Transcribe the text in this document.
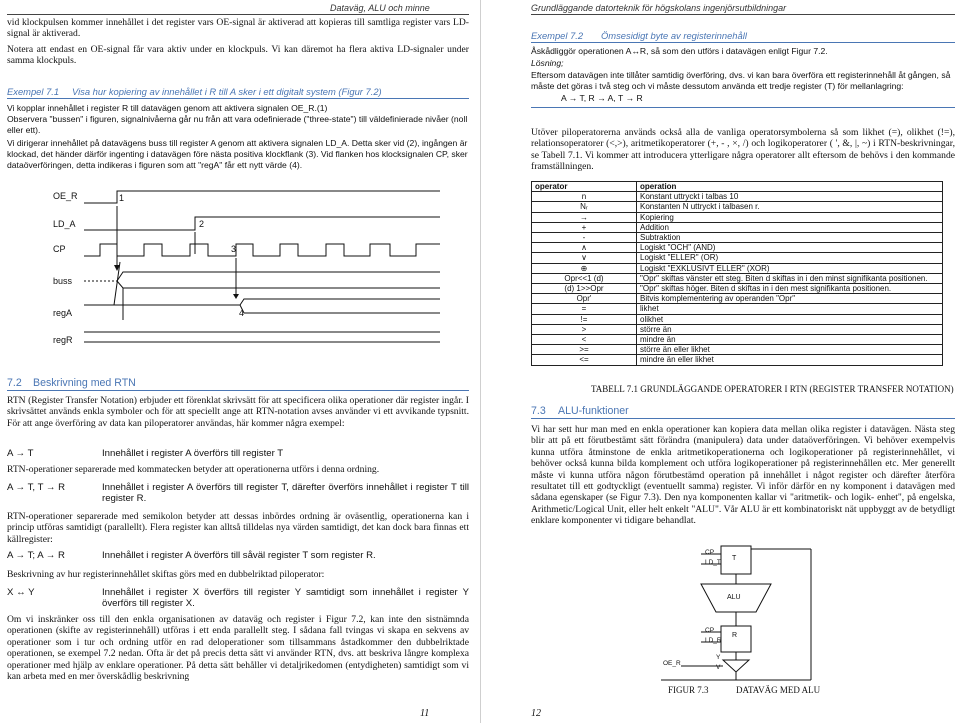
Dataväg, ALU och minne
vid klockpulsen kommer innehållet i det register vars OE-signal är aktiverad att kopieras till samtliga register vars LD-signal är aktiverad.
Notera att endast en OE-signal får vara aktiv under en klockpuls. Vi kan däremot ha flera aktiva LD-signaler under samma klockpuls.
Exempel 7.1 Visa hur kopiering av innehållet i R till A sker i ett digitalt system (Figur 7.2)
Vi kopplar innehållet i register R till datavägen genom att aktivera signalen OE_R.(1)
Observera "bussen" i figuren, signalnivåerna går nu från att vara odefinierade ("three-state") till väldefinierade nivåer (noll eller ett).
Vi dirigerar innehållet på datavägens buss till register A genom att aktivera signalen LD_A. Detta sker vid (2), ingången är klockad, det händer därför ingenting i datavägen före nästa positiva klockflank (3). Vid flanken hos klocksignalen CP, sker dataöverföringen, detta indikeras i figuren som att "regA" får ett nytt värde (4).
OE_R
LD_A
CP
buss
regA
regR
1
2
3
4
7.2 Beskrivning med RTN
RTN (Register Transfer Notation) erbjuder ett förenklat skrivsätt för att specificera olika operationer där register ingår. I skrivsättet används enkla symboler och för att speciellt ange att RTN-notation avses använder vi ett avvikande typsnitt. För att ange överföring av data kan piloperatorer användas, här kommer några exempel:
A → T	Innehållet i register A överförs till register T
RTN-operationer separerade med kommatecken betyder att operationerna utförs i denna ordning.
A → T, T → R	Innehållet i register A överförs till register T, därefter överförs innehållet i register T till register R.
RTN-operationer separerade med semikolon betyder att dessas inbördes ordning är oväsentlig, operationerna kan i princip utföras samtidigt (parallellt). Flera register kan alltså tilldelas nya värden samtidigt, det kan dock bara finnas ett källregister:
A → T; A → R	Innehållet i register A överförs till såväl register T som register R.
Beskrivning av hur registerinnehållet skiftas görs med en dubbelriktad piloperator:
X ↔ Y	Innehållet i register X överförs till register Y samtidigt som innehållet i register Y överförs till register X.
Om vi inskränker oss till den enkla organisationen av dataväg och register i Figur 7.2, kan inte den sistnämnda operationen (skifte av registerinnehåll) utföras i ett enda parallellt steg. I sådana fall tvingas vi skapa en sekvens av operationer som i tur och ordning utför en rad deloperationer som tillsammans åstadkommer den dubbelriktade operationen, se exempel 7.2 nedan. Ofta är det på precis detta sätt vi använder RTN, dvs. att beskriva långre komplexa operationer med hjälp av enklare operationer. På detta sätt behåller vi detaljrikedomen (entydigheten) samtidigt som vi kan arbeta med en mer överskådlig beskrivning
11
Grundläggande datorteknik för högskolans ingenjörsutbildningar
Exempel 7.2 Ömsesidigt byte av registerinnehåll
Åskådliggör operationen A↔R, så som den utförs i datavägen enligt Figur 7.2.
Lösning;
Eftersom datavägen inte tillåter samtidig överföring, dvs. vi kan bara överföra ett registerinnehåll åt gången, så måste det göras i två steg och vi måste dessutom använda ett tredje register (T) för mellanlagring:
A → T, R → A, T → R
Utöver piloperatorerna används också alla de vanliga operatorsymbolerna så som likhet (=), olikhet (!=), relationsoperatorer (<,>), aritmetikoperatorer (+, - , ×, /) och logikoperatorer ( ', &, |, ~) i RTN-beskrivningar, se Tabell 7.1. Vi kommer att introducera ytterligare några operatorer allt eftersom de behövs i den kommande framställningen.
operator	operation
n	Konstant uttryckt i talbas 10
Nᵣ	Konstanten N uttryckt i talbasen r.
→	Kopiering
+	Addition
-	Subtraktion
∧	Logiskt "OCH" (AND)
∨	Logiskt "ELLER" (OR)
⊕	Logiskt "EXKLUSIVT ELLER" (XOR)
Opr<<1 (d)	"Opr" skiftas vänster ett steg. Biten d skiftas in i den minst signifikanta positionen.
(d) 1>>Opr	"Opr" skiftas höger. Biten d skiftas in i den mest signifikanta positionen.
Opr'	Bitvis komplementering av operanden "Opr"
=	likhet
!=	olikhet
>	större än
<	mindre än
>=	större än eller likhet
<=	mindre än eller likhet
TABELL 7.1 GRUNDLÄGGANDE OPERATORER I RTN (REGISTER TRANSFER NOTATION)
7.3 ALU-funktioner
Vi har sett hur man med en enkla operationer kan kopiera data mellan olika register i datavägen. Nästa steg blir att på ett förutbestämt sätt förändra (manipulera) data under dataöverföringen. Vi behöver exempelvis kunna utföra åtminstone de enkla aritmetikoperationerna och logikoperationer på registerinnehållet, vi behöver också kunna bilda komplement och utföra logikoperationer på registerinnehållen etc. Mer generellt måste vi kunna utföra någon förutbestämd operation på innehållet i något register och därefter återföra resultatet till ett godtyckligt (eventuellt samma) register. Vi inför därför en ny komponent i datavägen med sådana egenskaper (se Figur 7.3). Den nya komponenten kallar vi "aritmetik- och logik- enhet", på engelska, Arithmetic/Logical Unit, eller helt enkelt "ALU". Vår ALU är ett kombinatoriskt nät uppbyggt av de betydligt enklare komponenter vi tidigare behandlat.
CP
LD_T
T
ALU
CP
LD_R
R
OE_R
Y
V
FIGUR 7.3	DATAVÄG MED ALU
12
